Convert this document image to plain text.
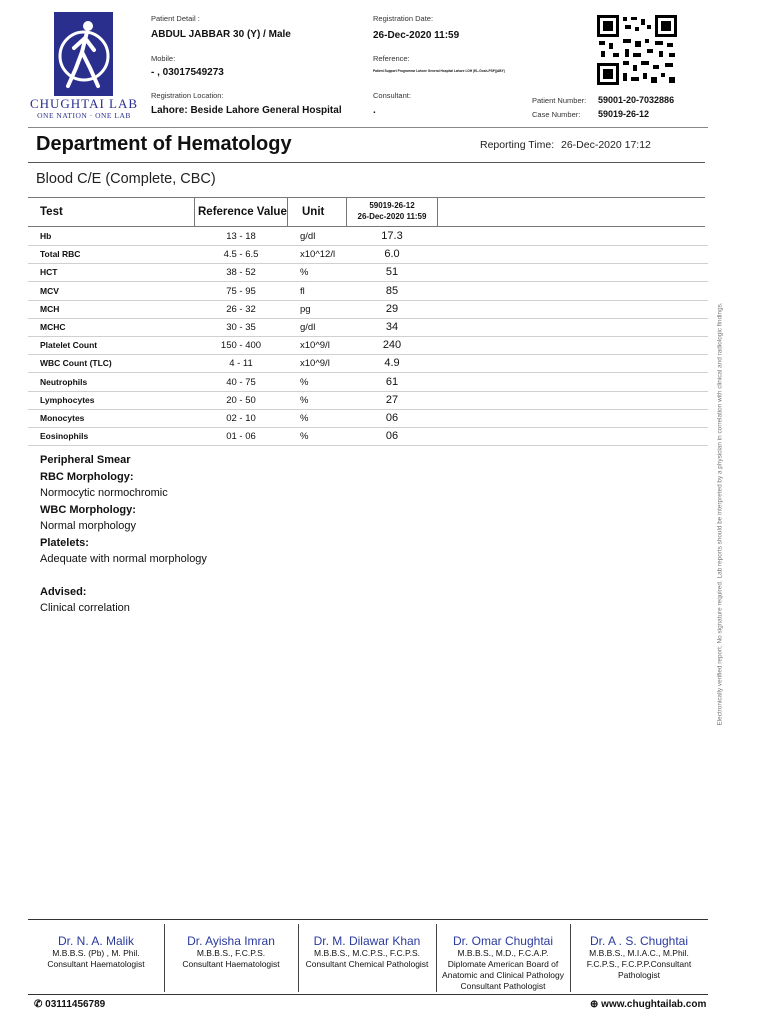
CHUGHTAI LAB
ONE NATION · ONE LAB
Patient Detail :
ABDUL JABBAR 30 (Y) / Male
Mobile:
- , 03017549273
Registration Location:
Lahore: Beside Lahore General Hospital
Registration Date:
26-Dec-2020 11:59
Reference:
Patient Support Programme Lahore General Hospital Lahore LGH (EL-Gosh-PSP)(ABY)
Consultant:
.
Patient Number: 59001-20-7032886
Case Number: 59019-26-12
Department of Hematology	Reporting Time: 26-Dec-2020 17:12
Blood C/E (Complete, CBC)
Test	Reference Value Unit
59019-26-12
26-Dec-2020 11:59
Hb	13 - 18	g/dl	17.3
Total RBC	4.5 - 6.5	x10^12/l	6.0
HCT	38 - 52	%	51
MCV	75 - 95	fl	85
MCH	26 - 32	pg	29
MCHC	30 - 35	g/dl	34
Platelet Count	150 - 400	x10^9/l	240
WBC Count (TLC)	4 - 11	x10^9/l	4.9
Neutrophils	40 - 75	%	61
Lymphocytes	20 - 50	%	27
Monocytes	02 - 10	%	06
Eosinophils	01 - 06	%	06
Peripheral Smear
RBC Morphology:
Normocytic normochromic
WBC Morphology:
Normal morphology
Platelets:
Adequate with normal morphology
Advised:
Clinical correlation	Electronically verified report. No signature required. Lab reports should be interpreted by a physician in correlation with clinical and radiologic findings.
Dr. N. A. Malik
M.B.B.S. (Pb) , M. Phil.
Consultant Haematologist
Dr. Ayisha Imran
M.B.B.S., F.C.P.S.
Consultant Haematologist
Dr. M. Dilawar Khan
M.B.B.S., M.C.P.S., F.C.P.S.
Consultant Chemical Pathologist
Dr. Omar Chughtai
M.B.B.S., M.D., F.C.A.P.
Diplomate American Board of
Anatomic and Clinical Pathology
Consultant Pathologist
Dr. A . S. Chughtai
M.B.B.S., M.I.A.C., M.Phil.
F.C.P.S., F.C.P.P.Consultant
Pathologist
✆ 03111456789	⊕ www.chughtailab.com
